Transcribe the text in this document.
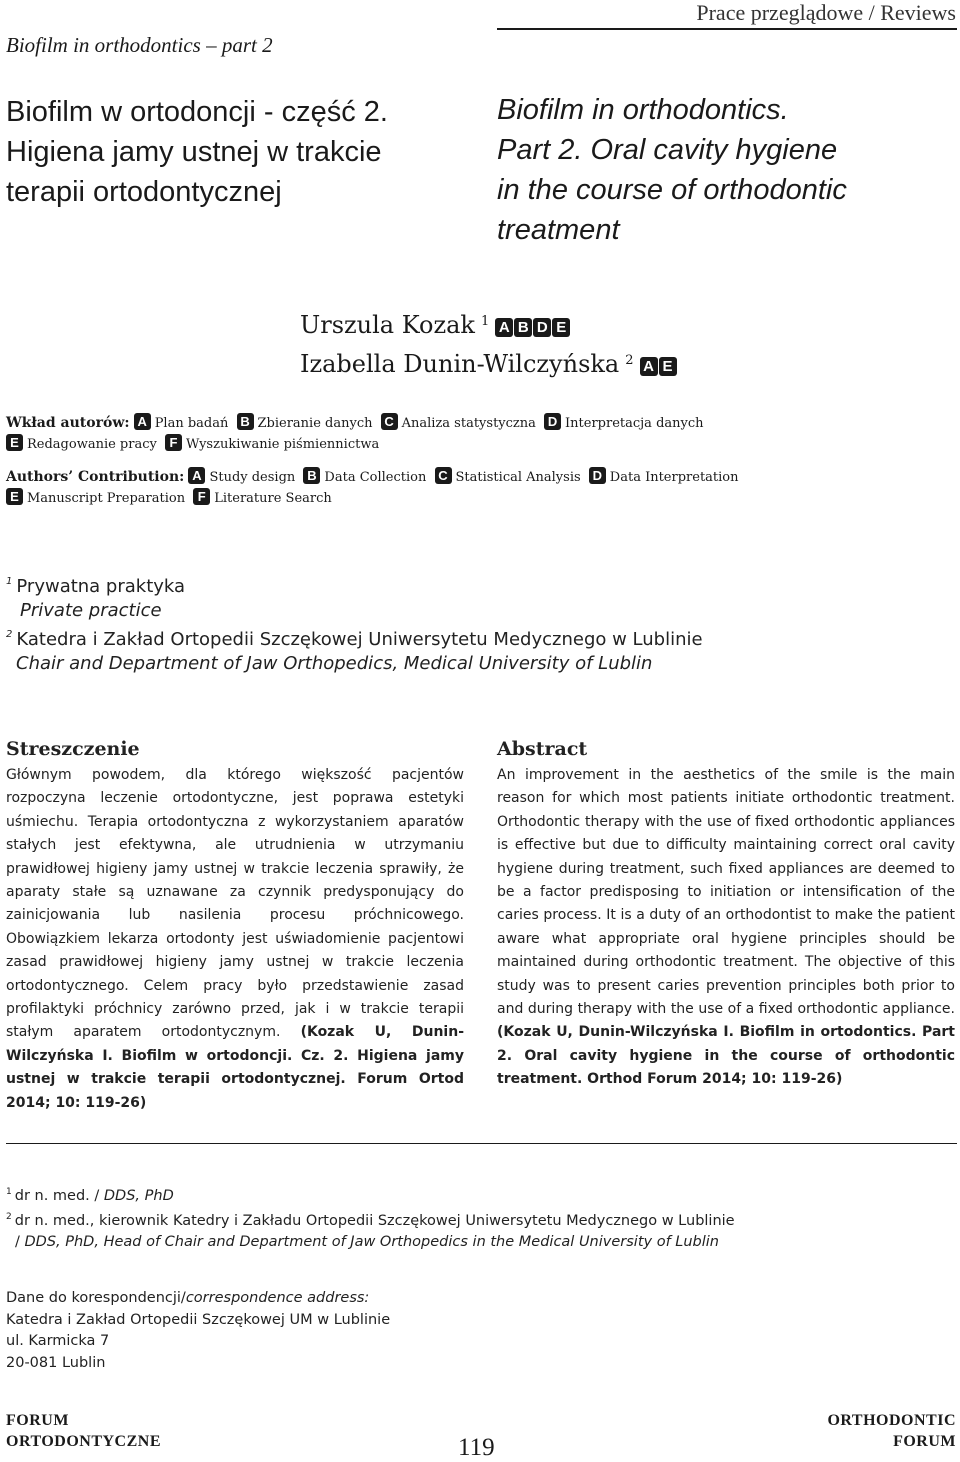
Prace przeglądowe / Reviews
Biofilm in orthodontics – part 2
Biofilm w ortodoncji - część 2.
Higiena jamy ustnej w trakcie
terapii ortodontycznej
Biofilm in orthodontics.
Part 2. Oral cavity hygiene
in the course of orthodontic
treatment
Urszula Kozak $^1$ A B D E
Izabella Dunin-Wilczyńska $^2$ A E
Wkład autorów: A Plan badań B Zbieranie danych C Analiza statystyczna D Interpretacja danych
E Redagowanie pracy F Wyszukiwanie piśmiennictwa
Authors’ Contribution: A Study design B Data Collection C Statistical Analysis D Data Interpretation
E Manuscript Preparation F Literature Search
$^1$ Prywatna praktyka
Private practice
$^2$ Katedra i Zakład Ortopedii Szczękowej Uniwersytetu Medycznego w Lublinie
Chair and Department of Jaw Orthopedics, Medical University of Lublin
Streszczenie

Głównym powodem, dla którego większość pacjentów rozpoczyna leczenie ortodontyczne, jest poprawa estetyki uśmiechu. Terapia ortodontyczna z wykorzystaniem aparatów stałych jest efektywna, ale utrudnienia w utrzymaniu prawidłowej higieny jamy ustnej w trakcie leczenia sprawiły, że aparaty stałe są uznawane za czynnik predysponujący do zainicjowania lub nasilenia procesu próchnicowego. Obowiązkiem lekarza ortodonty jest uświadomienie pacjentowi zasad prawidłowej higieny jamy ustnej w trakcie leczenia ortodontycznego. Celem pracy było przedstawienie zasad profilaktyki próchnicy zarówno przed, jak i w trakcie terapii stałym aparatem ortodontycznym. (Kozak U, Dunin-Wilczyńska I. Biofilm w ortodoncji. Cz. 2. Higiena jamy ustnej w trakcie terapii ortodontycznej. Forum Ortod 2014; 10: 119-26)

Abstract

An improvement in the aesthetics of the smile is the main reason for which most patients initiate orthodontic treatment. Orthodontic therapy with the use of fixed orthodontic appliances is effective but due to difficulty maintaining correct oral cavity hygiene during treatment, such fixed appliances are deemed to be a factor predisposing to initiation or intensification of the caries process. It is a duty of an orthodontist to make the patient aware what appropriate oral hygiene principles should be maintained during orthodontic treatment. The objective of this study was to present caries prevention principles both prior to and during therapy with the use of a fixed orthodontic appliance. (Kozak U, Dunin-Wilczyńska I. Biofilm in ortodontics. Part 2. Oral cavity hygiene in the course of orthodontic treatment. Orthod Forum 2014; 10: 119-26)

$^1$ dr n. med. / DDS, PhD
$^2$ dr n. med., kierownik Katedry i Zakładu Ortopedii Szczękowej Uniwersytetu Medycznego w Lublinie
/ DDS, PhD, Head of Chair and Department of Jaw Orthopedics in the Medical University of Lublin
Dane do korespondencji/correspondence address:
Katedra i Zakład Ortopedii Szczękowej UM w Lublinie
ul. Karmicka 7
20-081 Lublin
FORUM
ORTODONTYCZNE	119
ORTHODONTIC
FORUM
